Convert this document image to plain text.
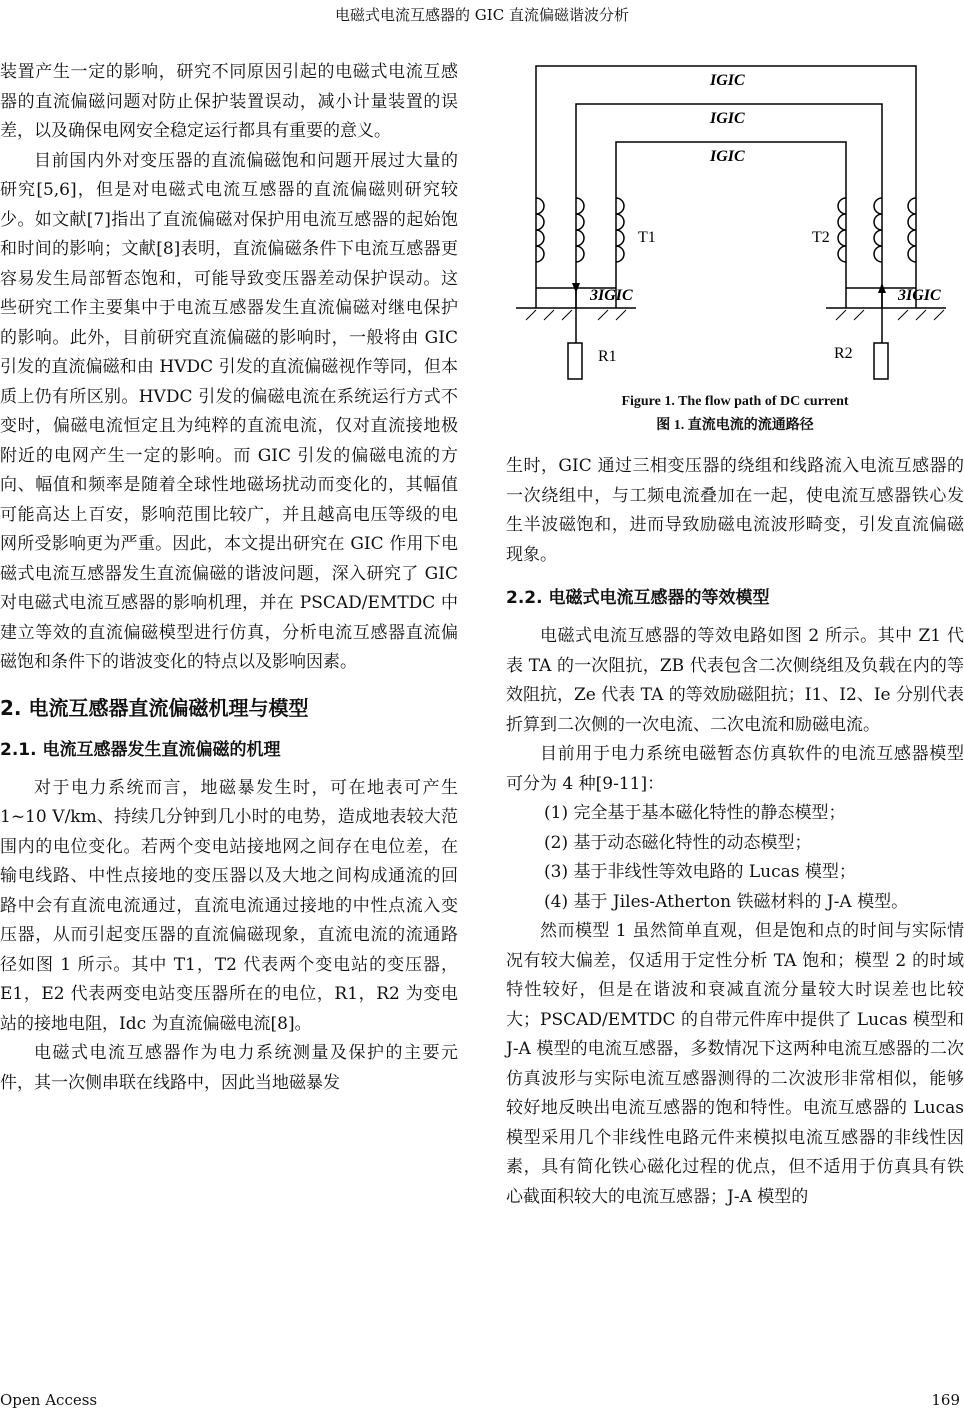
电磁式电流互感器的 GIC 直流偏磁谐波分析

装置产生一定的影响，研究不同原因引起的电磁式电流互感器的直流偏磁问题对防止保护装置误动，减小计量装置的误差，以及确保电网安全稳定运行都具有重要的意义。

目前国内外对变压器的直流偏磁饱和问题开展过大量的研究[5,6]，但是对电磁式电流互感器的直流偏磁则研究较少。如文献[7]指出了直流偏磁对保护用电流互感器的起始饱和时间的影响；文献[8]表明，直流偏磁条件下电流互感器更容易发生局部暂态饱和，可能导致变压器差动保护误动。这些研究工作主要集中于电流互感器发生直流偏磁对继电保护的影响。此外，目前研究直流偏磁的影响时，一般将由 GIC 引发的直流偏磁和由 HVDC 引发的直流偏磁视作等同，但本质上仍有所区别。HVDC 引发的偏磁电流在系统运行方式不变时，偏磁电流恒定且为纯粹的直流电流，仅对直流接地极附近的电网产生一定的影响。而 GIC 引发的偏磁电流的方向、幅值和频率是随着全球性地磁场扰动而变化的，其幅值可能高达上百安，影响范围比较广，并且越高电压等级的电网所受影响更为严重。因此，本文提出研究在 GIC 作用下电磁式电流互感器发生直流偏磁的谐波问题，深入研究了 GIC 对电磁式电流互感器的影响机理，并在 PSCAD/EMTDC 中建立等效的直流偏磁模型进行仿真，分析电流互感器直流偏磁饱和条件下的谐波变化的特点以及影响因素。

2. 电流互感器直流偏磁机理与模型
2.1. 电流互感器发生直流偏磁的机理

对于电力系统而言，地磁暴发生时，可在地表可产生 1~10 V/km、持续几分钟到几小时的电势，造成地表较大范围内的电位变化。若两个变电站接地网之间存在电位差，在输电线路、中性点接地的变压器以及大地之间构成通流的回路中会有直流电流通过，直流电流通过接地的中性点流入变压器，从而引起变压器的直流偏磁现象，直流电流的流通路径如图 1 所示。其中 T1，T2 代表两个变电站的变压器，E1，E2 代表两变电站变压器所在的电位，R1，R2 为变电站的接地电阻，Idc 为直流偏磁电流[8]。

电磁式电流互感器作为电力系统测量及保护的主要元件，其一次侧串联在线路中，因此当地磁暴发

IGIC
IGIC
IGIC
3IGIC	3IGIC
T1	T2
R1	R2
Figure 1. The flow path of DC current
图 1. 直流电流的流通路径

生时，GIC 通过三相变压器的绕组和线路流入电流互感器的一次绕组中，与工频电流叠加在一起，使电流互感器铁心发生半波磁饱和，进而导致励磁电流波形畸变，引发直流偏磁现象。

2.2. 电磁式电流互感器的等效模型

电磁式电流互感器的等效电路如图 2 所示。其中 Z1 代表 TA 的一次阻抗，ZB 代表包含二次侧绕组及负载在内的等效阻抗，Ze 代表 TA 的等效励磁阻抗；I1、I2、Ie 分别代表折算到二次侧的一次电流、二次电流和励磁电流。

目前用于电力系统电磁暂态仿真软件的电流互感器模型可分为 4 种[9-11]：

(1) 完全基于基本磁化特性的静态模型；

(2) 基于动态磁化特性的动态模型；

(3) 基于非线性等效电路的 Lucas 模型；

(4) 基于 Jiles-Atherton 铁磁材料的 J-A 模型。

然而模型 1 虽然简单直观，但是饱和点的时间与实际情况有较大偏差，仅适用于定性分析 TA 饱和；模型 2 的时域特性较好，但是在谐波和衰减直流分量较大时误差也比较大；PSCAD/EMTDC 的自带元件库中提供了 Lucas 模型和 J-A 模型的电流互感器，多数情况下这两种电流互感器的二次仿真波形与实际电流互感器测得的二次波形非常相似，能够较好地反映出电流互感器的饱和特性。电流互感器的 Lucas 模型采用几个非线性电路元件来模拟电流互感器的非线性因素，具有简化铁心磁化过程的优点，但不适用于仿真具有铁心截面积较大的电流互感器；J-A 模型的

Open Access	169
